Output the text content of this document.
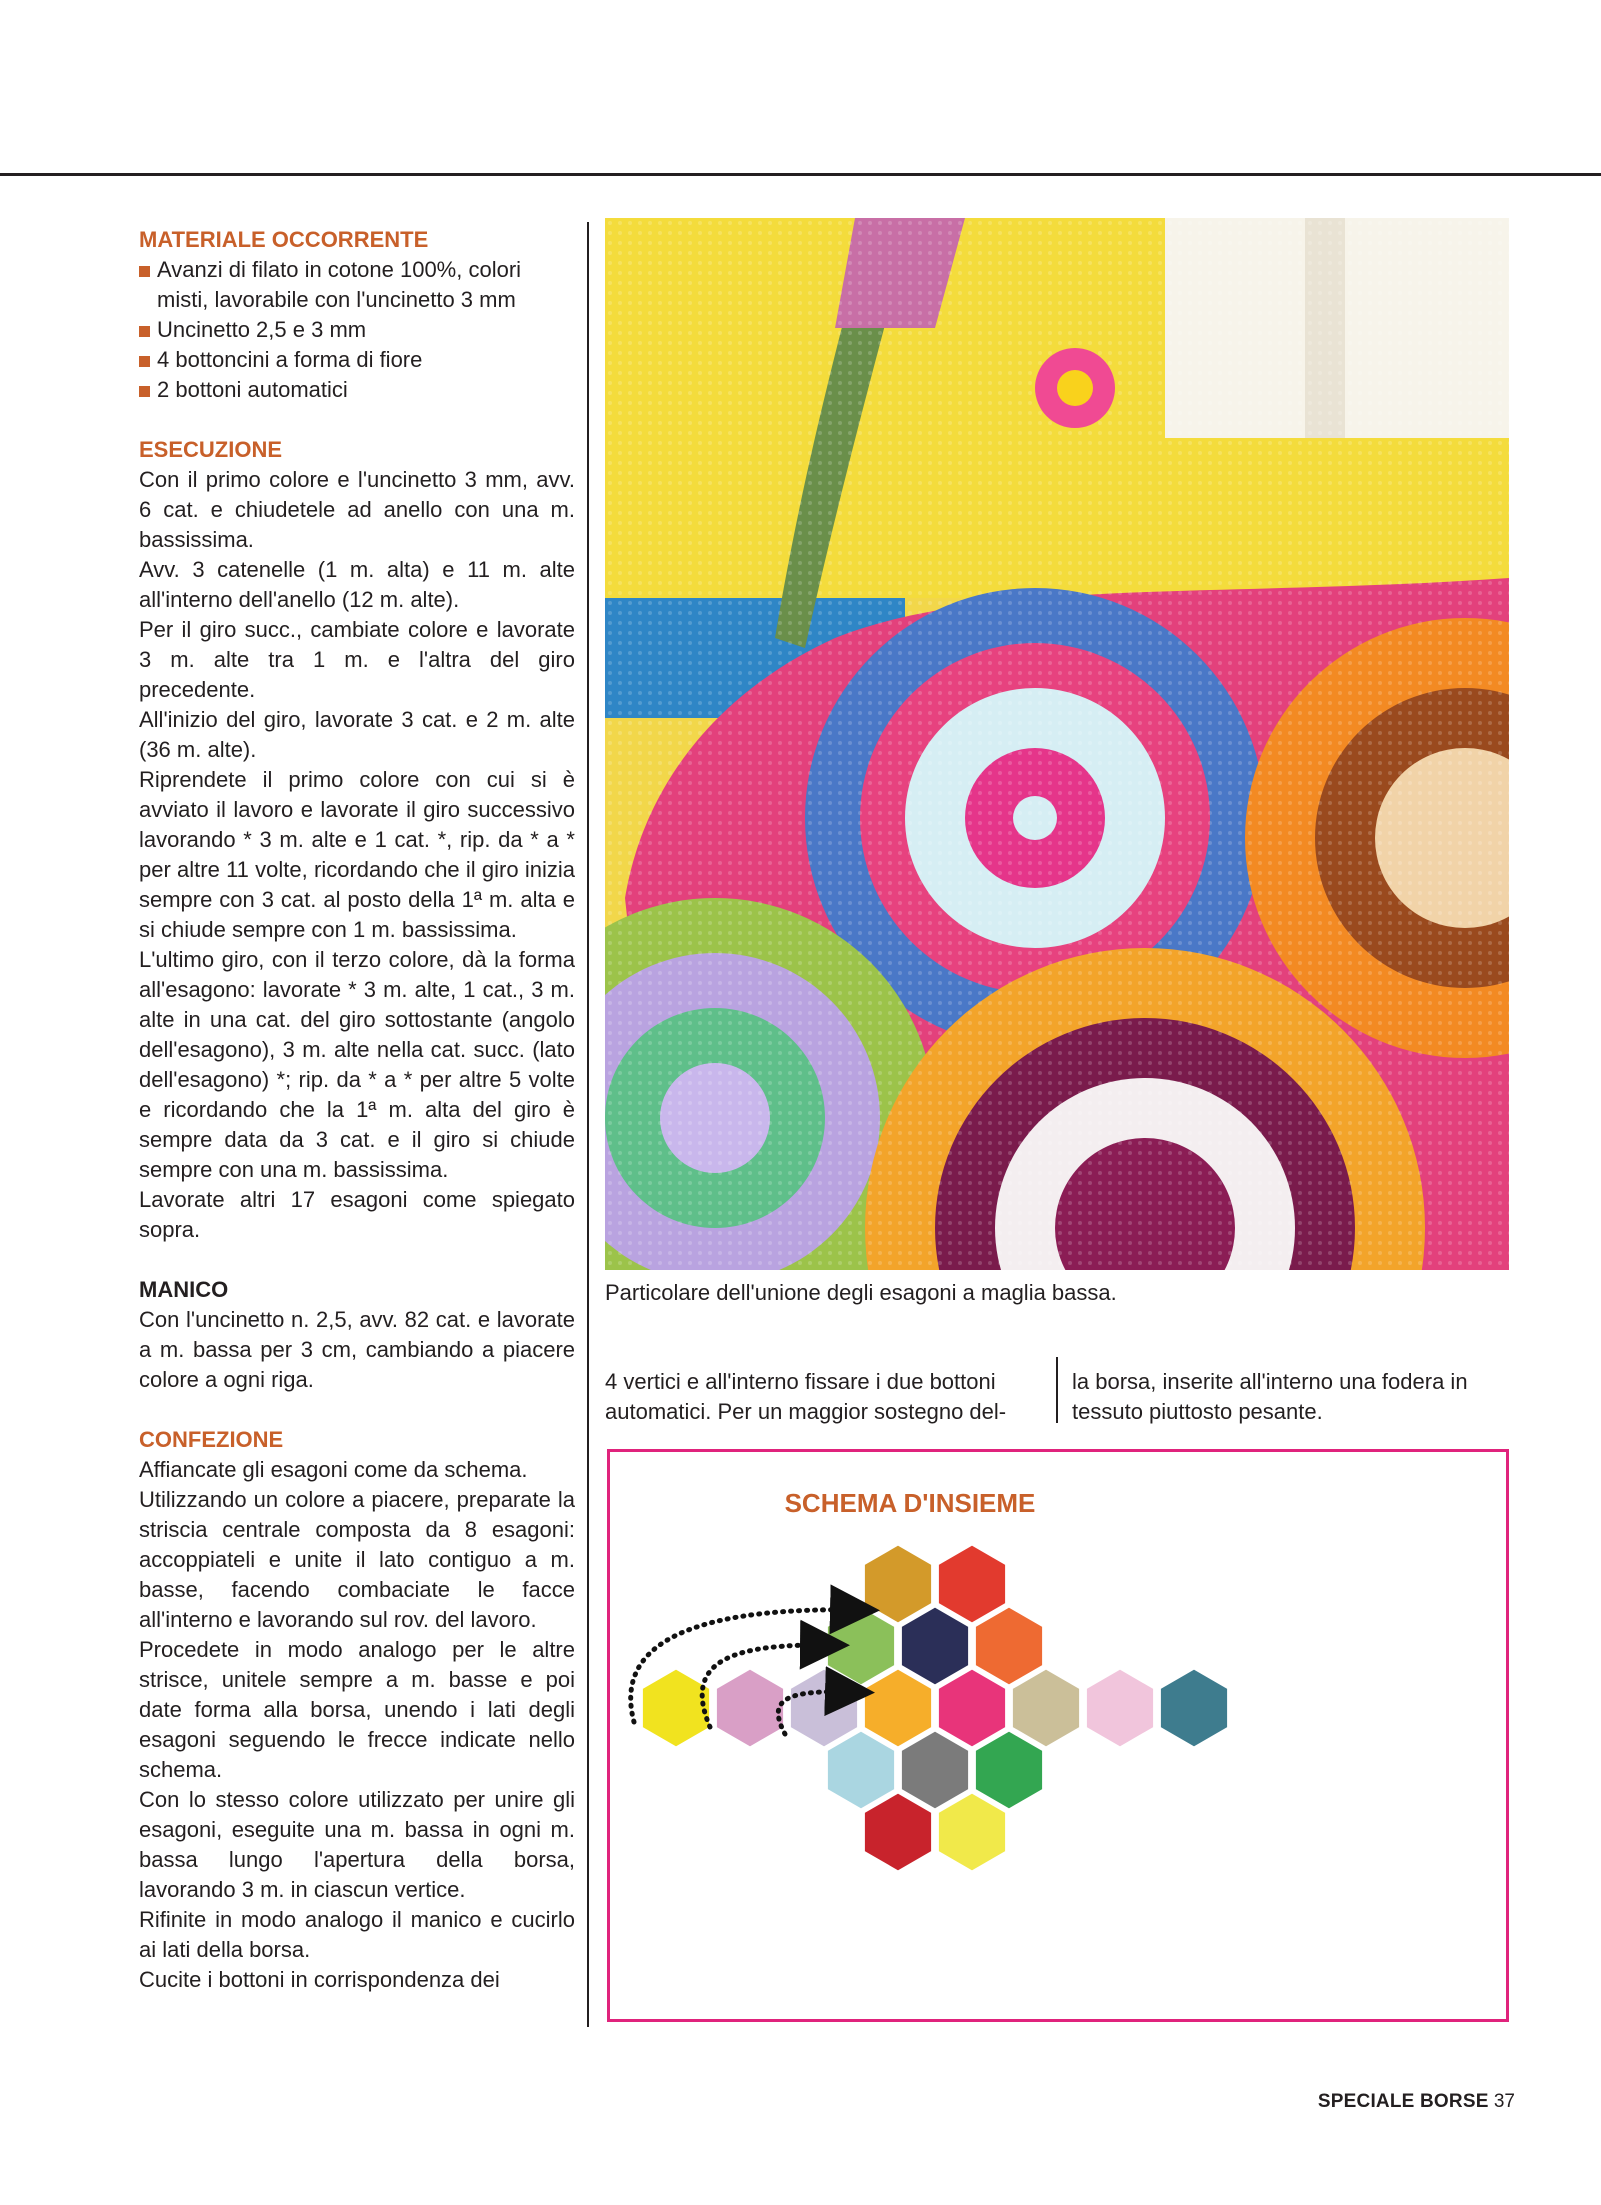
MATERIALE OCCORRENTE

Avanzi di filato in cotone 100%, colori misti, lavorabile con l'uncinetto 3 mm
Uncinetto 2,5 e 3 mm
4 bottoncini a forma di fiore
2 bottoni automatici

ESECUZIONE

Con il primo colore e l'uncinetto 3 mm, avv. 6 cat. e chiudetele ad anello con una m. bassissima.

Avv. 3 catenelle (1 m. alta) e 11 m. alte all'interno dell'anello (12 m. alte).

Per il giro succ., cambiate colore e lavorate 3 m. alte tra 1 m. e l'altra del giro precedente.

All'inizio del giro, lavorate 3 cat. e 2 m. alte (36 m. alte).

Riprendete il primo colore con cui si è avviato il lavoro e lavorate il giro successivo lavorando * 3 m. alte e 1 cat. *, rip. da * a * per altre 11 volte, ricordando che il giro inizia sempre con 3 cat. al posto della 1ª m. alta e si chiude sempre con 1 m. bassissima.

L'ultimo giro, con il terzo colore, dà la forma all'esagono: lavorate * 3 m. alte, 1 cat., 3 m. alte in una cat. del giro sottostante (angolo dell'esagono), 3 m. alte nella cat. succ. (lato dell'esagono) *; rip. da * a * per altre 5 volte e ricordando che la 1ª m. alta del giro è sempre data da 3 cat. e il giro si chiude sempre con una m. bassissima.

Lavorate altri 17 esagoni come spiegato sopra.

MANICO

Con l'uncinetto n. 2,5, avv. 82 cat. e lavorate a m. bassa per 3 cm, cambiando a piacere colore a ogni riga.

CONFEZIONE

Affiancate gli esagoni come da schema.

Utilizzando un colore a piacere, preparate la striscia centrale composta da 8 esagoni: accoppiateli e unite il lato contiguo a m. basse, facendo combaciate le facce all'interno e lavorando sul rov. del lavoro.

Procedete in modo analogo per le altre strisce, unitele sempre a m. basse e poi date forma alla borsa, unendo i lati degli esagoni seguendo le frecce indicate nello schema.

Con lo stesso colore utilizzato per unire gli esagoni, eseguite una m. bassa in ogni m. bassa lungo l'apertura della borsa, lavorando 3 m. in ciascun vertice.

Rifinite in modo analogo il manico e cucirlo ai lati della borsa.

Cucite i bottoni in corrispondenza dei

Particolare dell'unione degli esagoni a maglia bassa.

4 vertici e all'interno fissare i due bottoni automatici. Per un maggior sostegno del-

la borsa, inserite all'interno una fodera in tessuto piuttosto pesante.

SCHEMA D'INSIEME

SPECIALE BORSE 37
